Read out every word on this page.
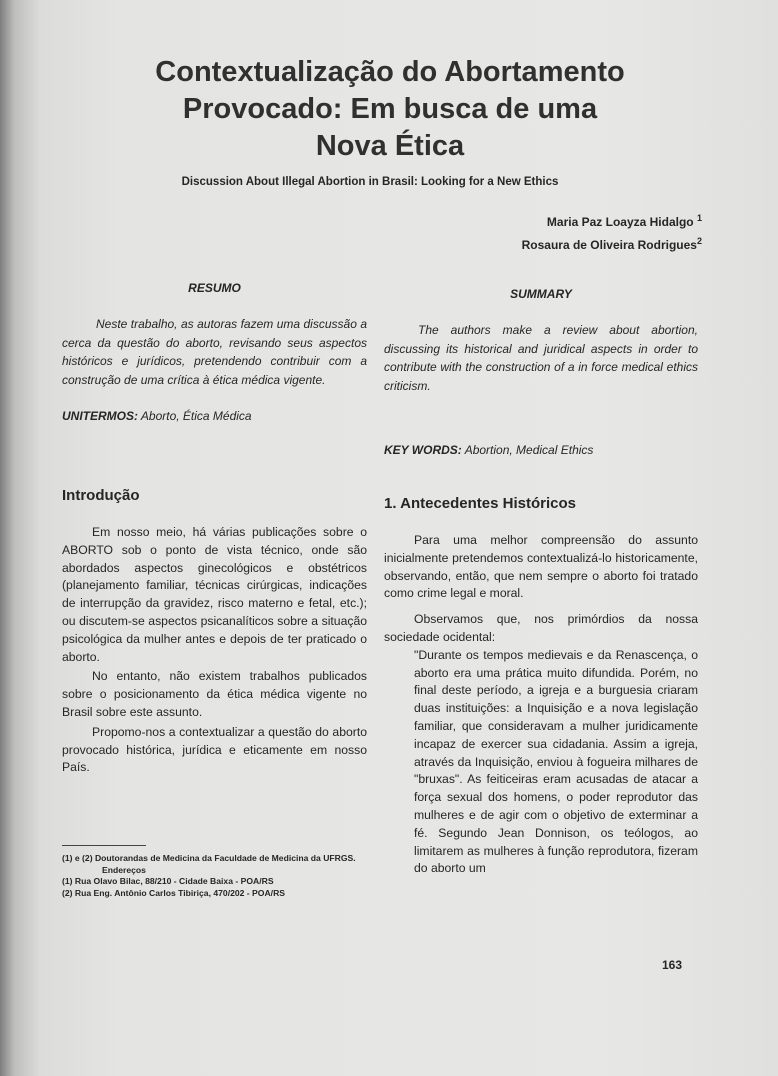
Contextualização do Abortamento
Provocado: Em busca de uma
Nova Ética

Discussion About Illegal Abortion in Brasil: Looking for a New Ethics

Maria Paz Loayza Hidalgo $^1$
Rosaura de Oliveira Rodrigues$^2$

RESUMO

Neste trabalho, as autoras fazem uma discussão a cerca da questão do aborto, revisando seus aspectos históricos e jurídicos, pretendendo contribuir com a construção de uma crítica à ética médica vigente.

UNITERMOS: Aborto, Ética Médica

SUMMARY

The authors make a review about abortion, discussing its historical and juridical aspects in order to contribute with the construction of a in force medical ethics criticism.

KEY WORDS: Abortion, Medical Ethics

Introdução

Em nosso meio, há várias publicações sobre o ABORTO sob o ponto de vista técnico, onde são abordados aspectos ginecológicos e obstétricos (planejamento familiar, técnicas cirúrgicas, indicações de interrupção da gravidez, risco materno e fetal, etc.); ou discutem-se aspectos psicanalíticos sobre a situação psicológica da mulher antes e depois de ter praticado o aborto.

No entanto, não existem trabalhos publicados sobre o posicionamento da ética médica vigente no Brasil sobre este assunto.

Propomo-nos a contextualizar a questão do aborto provocado histórica, jurídica e eticamente em nosso País.

1. Antecedentes Históricos

Para uma melhor compreensão do assunto inicialmente pretendemos contextualizá-lo historicamente, observando, então, que nem sempre o aborto foi tratado como crime legal e moral.

Observamos que, nos primórdios da nossa sociedade ocidental:

"Durante os tempos medievais e da Renascença, o aborto era uma prática muito difundida. Porém, no final deste período, a igreja e a burguesia criaram duas instituições: a Inquisição e a nova legislação familiar, que consideravam a mulher juridicamente incapaz de exercer sua cidadania. Assim a igreja, através da Inquisição, enviou à fogueira milhares de "bruxas". As feiticeiras eram acusadas de atacar a força sexual dos homens, o poder reprodutor das mulheres e de agir com o objetivo de exterminar a fé. Segundo Jean Donnison, os teólogos, ao limitarem as mulheres à função reprodutora, fizeram do aborto um

(1) e (2) Doutorandas de Medicina da Faculdade de Medicina da UFRGS.
Endereços
(1) Rua Olavo Bilac, 88/210 - Cidade Baixa - POA/RS
(2) Rua Eng. Antônio Carlos Tibiriça, 470/202 - POA/RS
163
